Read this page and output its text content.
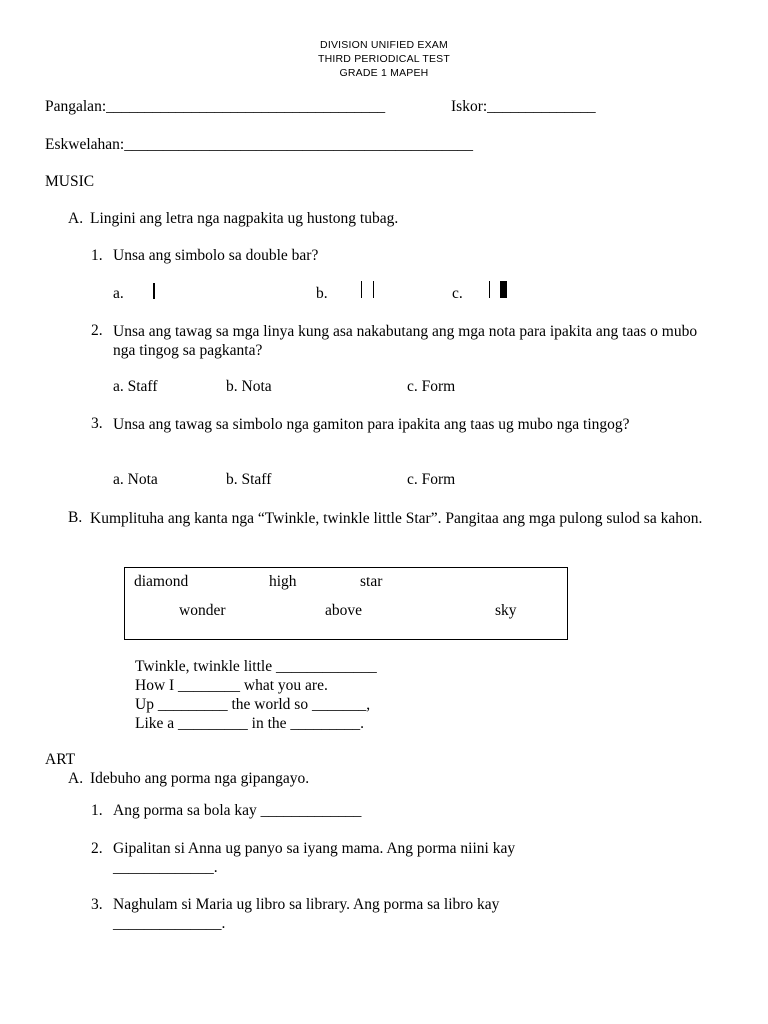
DIVISION UNIFIED EXAM
THIRD PERIODICAL TEST
GRADE 1 MAPEH
Pangalan:____________________________________	Iskor:______________
Eskwelahan:_____________________________________________
MUSIC
A. Lingini ang letra nga nagpakita ug hustong tubag.
1. Unsa ang simbolo sa double bar?
a.	b.	c.
2. Unsa ang tawag sa mga linya kung asa nakabutang ang mga nota para ipakita ang taas o mubo nga tingog sa pagkanta?
a. Staff	b. Nota	c. Form
3. Unsa ang tawag sa simbolo nga gamiton para ipakita ang taas ug mubo nga tingog?
a. Nota	b. Staff	c. Form
B. Kumplituha ang kanta nga “Twinkle, twinkle little Star”. Pangitaa ang mga pulong sulod sa kahon.
diamond	high	star
wonder	above	sky
Twinkle, twinkle little _____________
How I ________ what you are.
Up _________ the world so _______,
Like a _________ in the _________.
ART
A. Idebuho ang porma nga gipangayo.
1. Ang porma sa bola kay _____________
2. Gipalitan si Anna ug panyo sa iyang mama. Ang porma niini kay
_____________.
3. Naghulam si Maria ug libro sa library. Ang porma sa libro kay
______________.
